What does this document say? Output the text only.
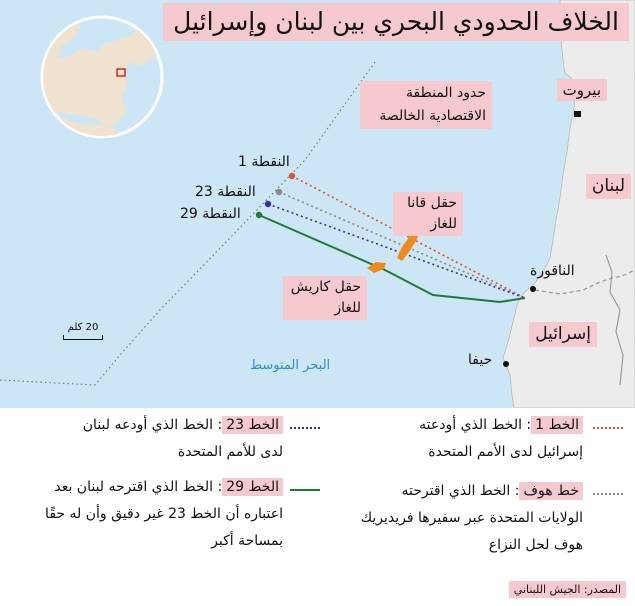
الخلاف الحدودي البحري بين لبنان وإسرائيل
حدود المنطقة الاقتصادية الخالصة
بيروت
لبنان
إسرائيل
حقل قانا للغاز
حقل كاريش للغاز
النقطة 1
النقطة 23
النقطة 29
الناقورة
حيفا
البحر المتوسط
20 كلم
الخط 1: الخط الذي أودعته إسرائيل لدى الأمم المتحدة
الخط 23: الخط الذي أودعه لبنان لدى للأمم المتحدة
خط هوف: الخط الذي اقترحته الولايات المتحدة عبر سفيرها فريديريك هوف لحل النزاع
الخط 29: الخط الذي اقترحه لبنان بعد اعتباره أن الخط 23 غير دقيق وأن له حقًا بمساحة أكبر
المصدر: الجيش اللبناني
